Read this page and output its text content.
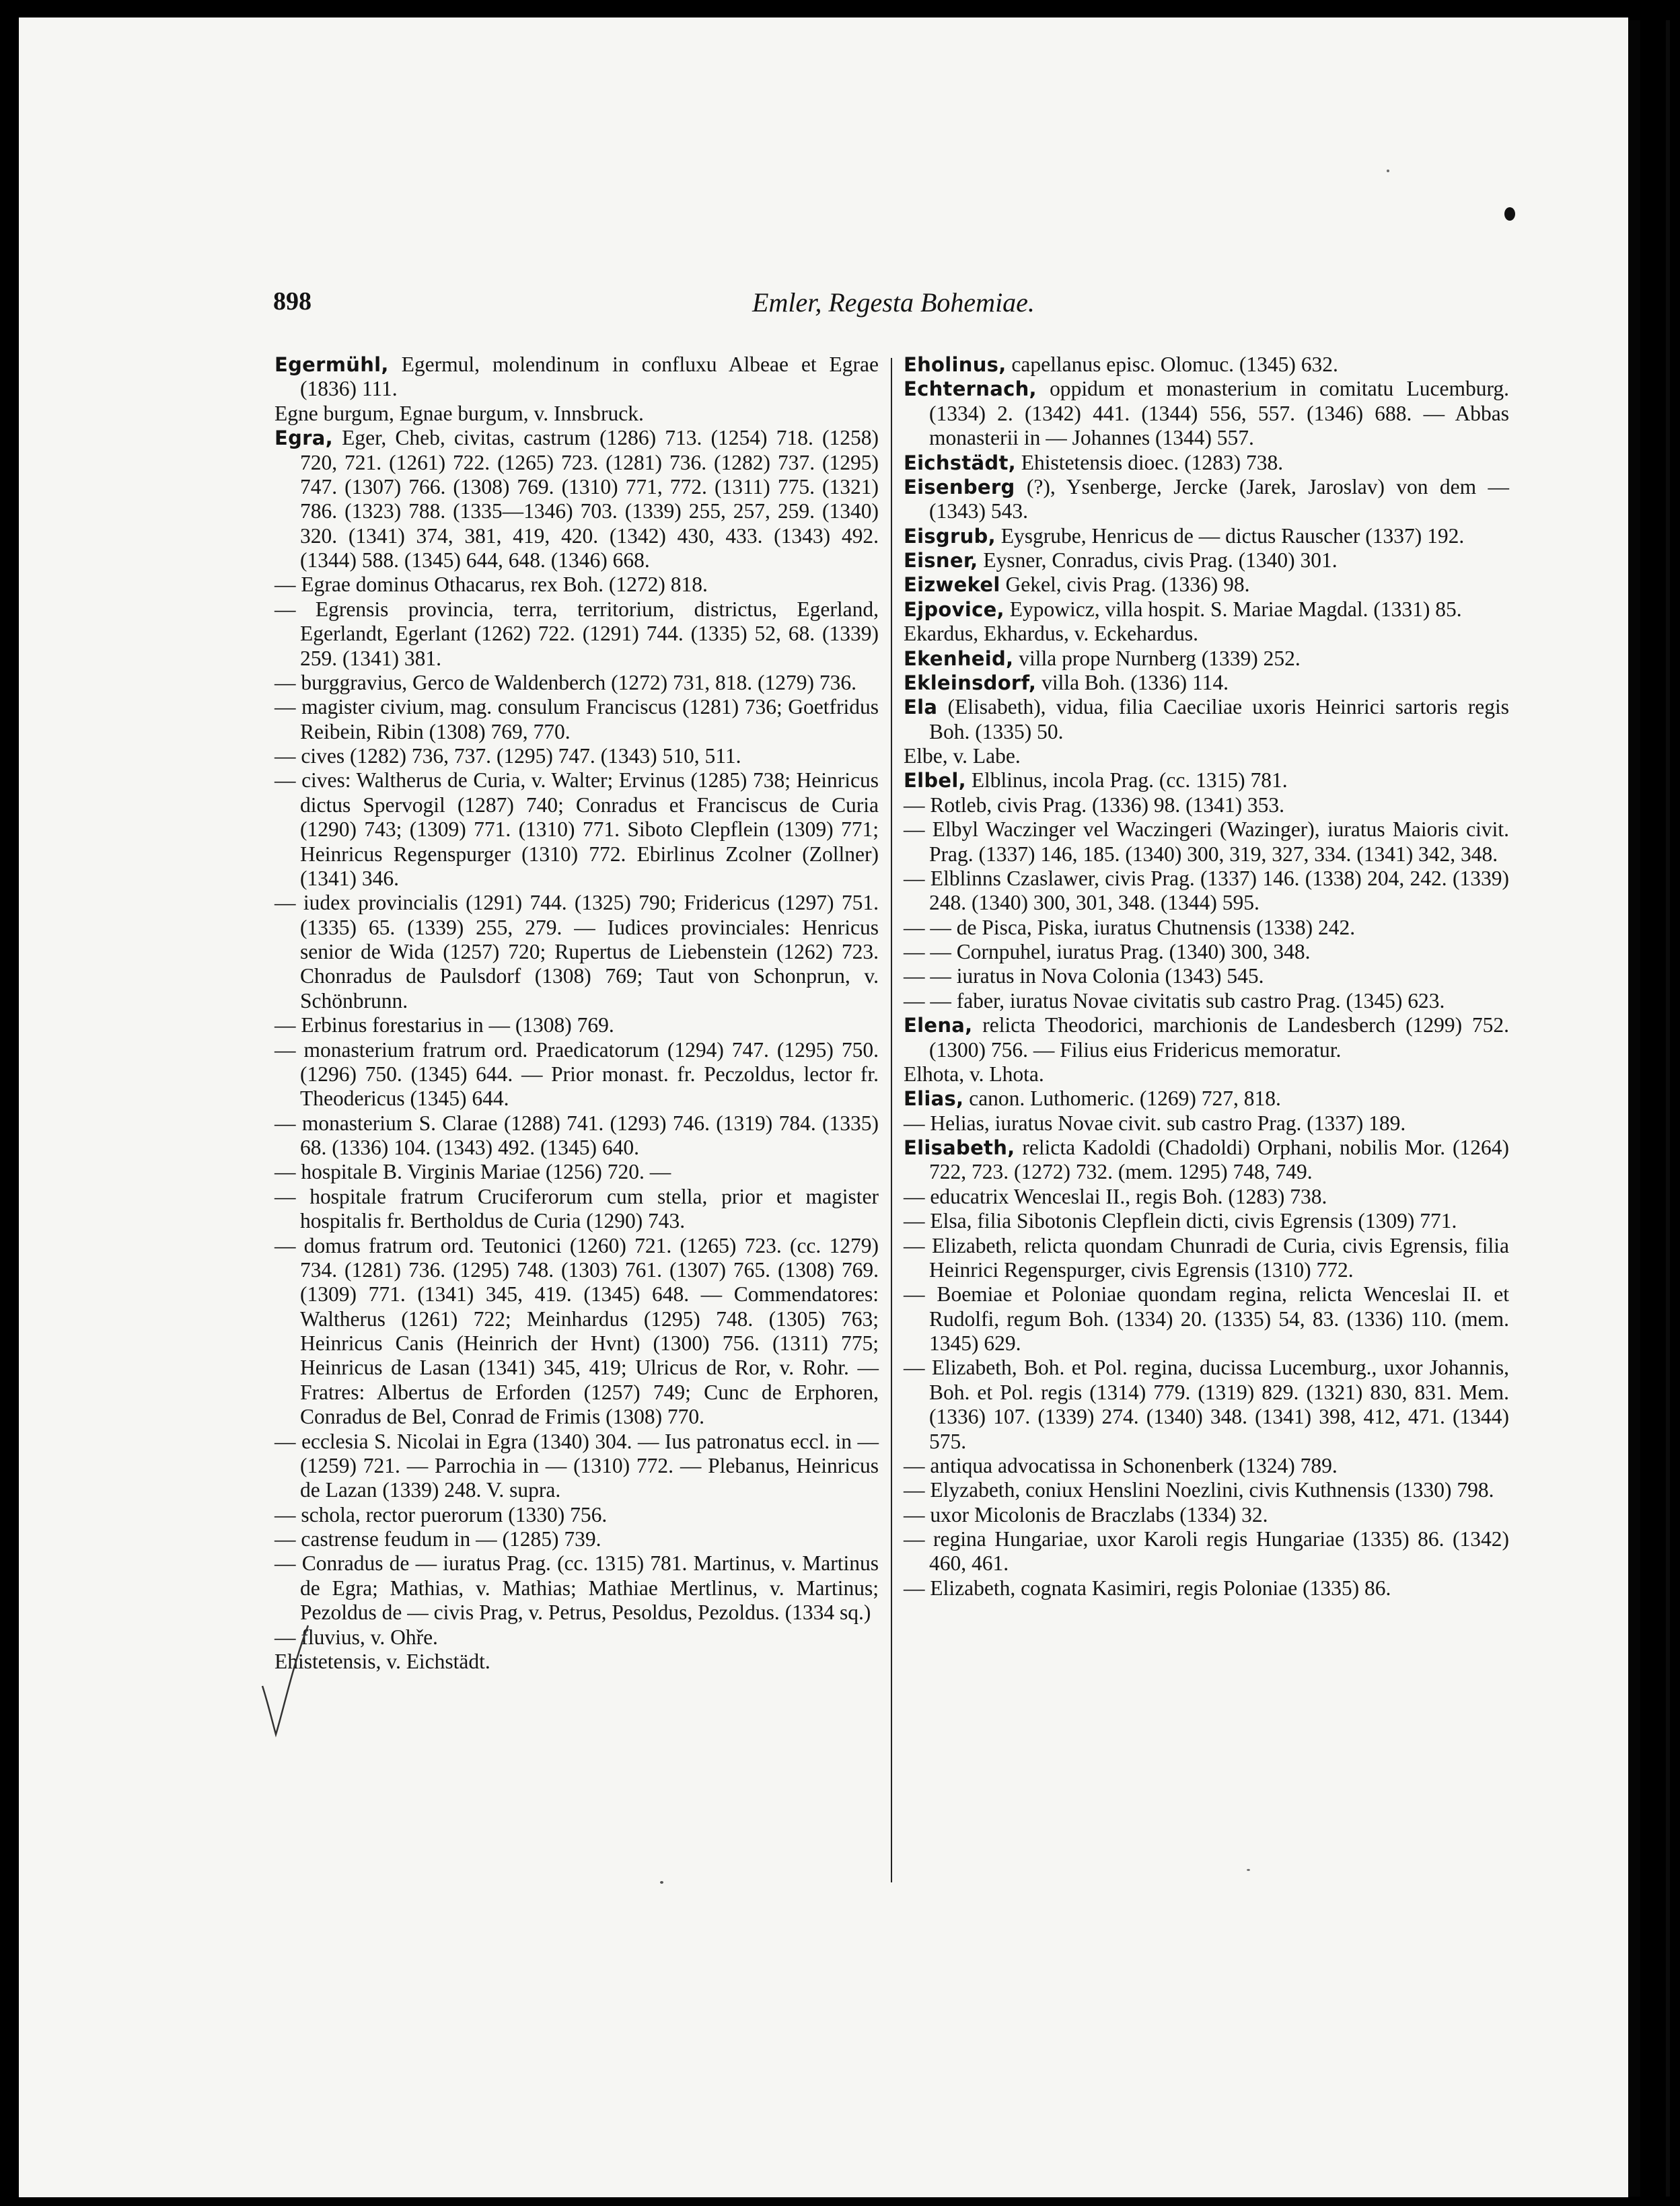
898	Emler, Regesta Bohemiae.

Egermühl, Egermul, molendinum in confluxu Albeae et Egrae (1836) 111.

Egne burgum, Egnae burgum, v. Innsbruck.

Egra, Eger, Cheb, civitas, castrum (1286) 713. (1254) 718. (1258) 720, 721. (1261) 722. (1265) 723. (1281) 736. (1282) 737. (1295) 747. (1307) 766. (1308) 769. (1310) 771, 772. (1311) 775. (1321) 786. (1323) 788. (1335—1346) 703. (1339) 255, 257, 259. (1340) 320. (1341) 374, 381, 419, 420. (1342) 430, 433. (1343) 492. (1344) 588. (1345) 644, 648. (1346) 668.

— Egrae dominus Othacarus, rex Boh. (1272) 818.

— Egrensis provincia, terra, territorium, districtus, Egerland, Egerlandt, Egerlant (1262) 722. (1291) 744. (1335) 52, 68. (1339) 259. (1341) 381.

— burggravius, Gerco de Waldenberch (1272) 731, 818. (1279) 736.

— magister civium, mag. consulum Franciscus (1281) 736; Goetfridus Reibein, Ribin (1308) 769, 770.

— cives (1282) 736, 737. (1295) 747. (1343) 510, 511.

— cives: Waltherus de Curia, v. Walter; Ervinus (1285) 738; Heinricus dictus Spervogil (1287) 740; Conradus et Franciscus de Curia (1290) 743; (1309) 771. (1310) 771. Siboto Clepflein (1309) 771; Heinricus Regenspurger (1310) 772. Ebirlinus Zcolner (Zollner) (1341) 346.

— iudex provincialis (1291) 744. (1325) 790; Fridericus (1297) 751. (1335) 65. (1339) 255, 279. — Iudices provinciales: Henricus senior de Wida (1257) 720; Rupertus de Liebenstein (1262) 723. Chonradus de Paulsdorf (1308) 769; Taut von Schonprun, v. Schönbrunn.

— Erbinus forestarius in — (1308) 769.

— monasterium fratrum ord. Praedicatorum (1294) 747. (1295) 750. (1296) 750. (1345) 644. — Prior monast. fr. Peczoldus, lector fr. Theodericus (1345) 644.

— monasterium S. Clarae (1288) 741. (1293) 746. (1319) 784. (1335) 68. (1336) 104. (1343) 492. (1345) 640.

— hospitale B. Virginis Mariae (1256) 720. —

— hospitale fratrum Cruciferorum cum stella, prior et magister hospitalis fr. Bertholdus de Curia (1290) 743.

— domus fratrum ord. Teutonici (1260) 721. (1265) 723. (cc. 1279) 734. (1281) 736. (1295) 748. (1303) 761. (1307) 765. (1308) 769. (1309) 771. (1341) 345, 419. (1345) 648. — Commendatores: Waltherus (1261) 722; Meinhardus (1295) 748. (1305) 763; Heinricus Canis (Heinrich der Hvnt) (1300) 756. (1311) 775; Heinricus de Lasan (1341) 345, 419; Ulricus de Ror, v. Rohr. — Fratres: Albertus de Erforden (1257) 749; Cunc de Erphoren, Conradus de Bel, Conrad de Frimis (1308) 770.

— ecclesia S. Nicolai in Egra (1340) 304. — Ius patronatus eccl. in — (1259) 721. — Parrochia in — (1310) 772. — Plebanus, Heinricus de Lazan (1339) 248. V. supra.

— schola, rector puerorum (1330) 756.

— castrense feudum in — (1285) 739.

— Conradus de — iuratus Prag. (cc. 1315) 781. Martinus, v. Martinus de Egra; Mathias, v. Mathias; Mathiae Mertlinus, v. Martinus; Pezoldus de — civis Prag, v. Petrus, Pesoldus, Pezoldus. (1334 sq.)

— fluvius, v. Ohře.

Ehistetensis, v. Eichstädt.

Eholinus, capellanus episc. Olomuc. (1345) 632.

Echternach, oppidum et monasterium in comitatu Lucemburg. (1334) 2. (1342) 441. (1344) 556, 557. (1346) 688. — Abbas monasterii in — Johannes (1344) 557.

Eichstädt, Ehistetensis dioec. (1283) 738.

Eisenberg (?), Ysenberge, Jercke (Jarek, Jaroslav) von dem — (1343) 543.

Eisgrub, Eysgrube, Henricus de — dictus Rauscher (1337) 192.

Eisner, Eysner, Conradus, civis Prag. (1340) 301.

Eizwekel Gekel, civis Prag. (1336) 98.

Ejpovice, Eypowicz, villa hospit. S. Mariae Magdal. (1331) 85.

Ekardus, Ekhardus, v. Eckehardus.

Ekenheid, villa prope Nurnberg (1339) 252.

Ekleinsdorf, villa Boh. (1336) 114.

Ela (Elisabeth), vidua, filia Caeciliae uxoris Heinrici sartoris regis Boh. (1335) 50.

Elbe, v. Labe.

Elbel, Elblinus, incola Prag. (cc. 1315) 781.

— Rotleb, civis Prag. (1336) 98. (1341) 353.

— Elbyl Waczinger vel Waczingeri (Wazinger), iuratus Maioris civit. Prag. (1337) 146, 185. (1340) 300, 319, 327, 334. (1341) 342, 348.

— Elblinns Czaslawer, civis Prag. (1337) 146. (1338) 204, 242. (1339) 248. (1340) 300, 301, 348. (1344) 595.

— — de Pisca, Piska, iuratus Chutnensis (1338) 242.

— — Cornpuhel, iuratus Prag. (1340) 300, 348.

— — iuratus in Nova Colonia (1343) 545.

— — faber, iuratus Novae civitatis sub castro Prag. (1345) 623.

Elena, relicta Theodorici, marchionis de Landesberch (1299) 752. (1300) 756. — Filius eius Fridericus memoratur.

Elhota, v. Lhota.

Elias, canon. Luthomeric. (1269) 727, 818.

— Helias, iuratus Novae civit. sub castro Prag. (1337) 189.

Elisabeth, relicta Kadoldi (Chadoldi) Orphani, nobilis Mor. (1264) 722, 723. (1272) 732. (mem. 1295) 748, 749.

— educatrix Wenceslai II., regis Boh. (1283) 738.

— Elsa, filia Sibotonis Clepflein dicti, civis Egrensis (1309) 771.

— Elizabeth, relicta quondam Chunradi de Curia, civis Egrensis, filia Heinrici Regenspurger, civis Egrensis (1310) 772.

— Boemiae et Poloniae quondam regina, relicta Wenceslai II. et Rudolfi, regum Boh. (1334) 20. (1335) 54, 83. (1336) 110. (mem. 1345) 629.

— Elizabeth, Boh. et Pol. regina, ducissa Lucemburg., uxor Johannis, Boh. et Pol. regis (1314) 779. (1319) 829. (1321) 830, 831. Mem. (1336) 107. (1339) 274. (1340) 348. (1341) 398, 412, 471. (1344) 575.

— antiqua advocatissa in Schonenberk (1324) 789.

— Elyzabeth, coniux Henslini Noezlini, civis Kuthnensis (1330) 798.

— uxor Micolonis de Braczlabs (1334) 32.

— regina Hungariae, uxor Karoli regis Hungariae (1335) 86. (1342) 460, 461.

— Elizabeth, cognata Kasimiri, regis Poloniae (1335) 86.
